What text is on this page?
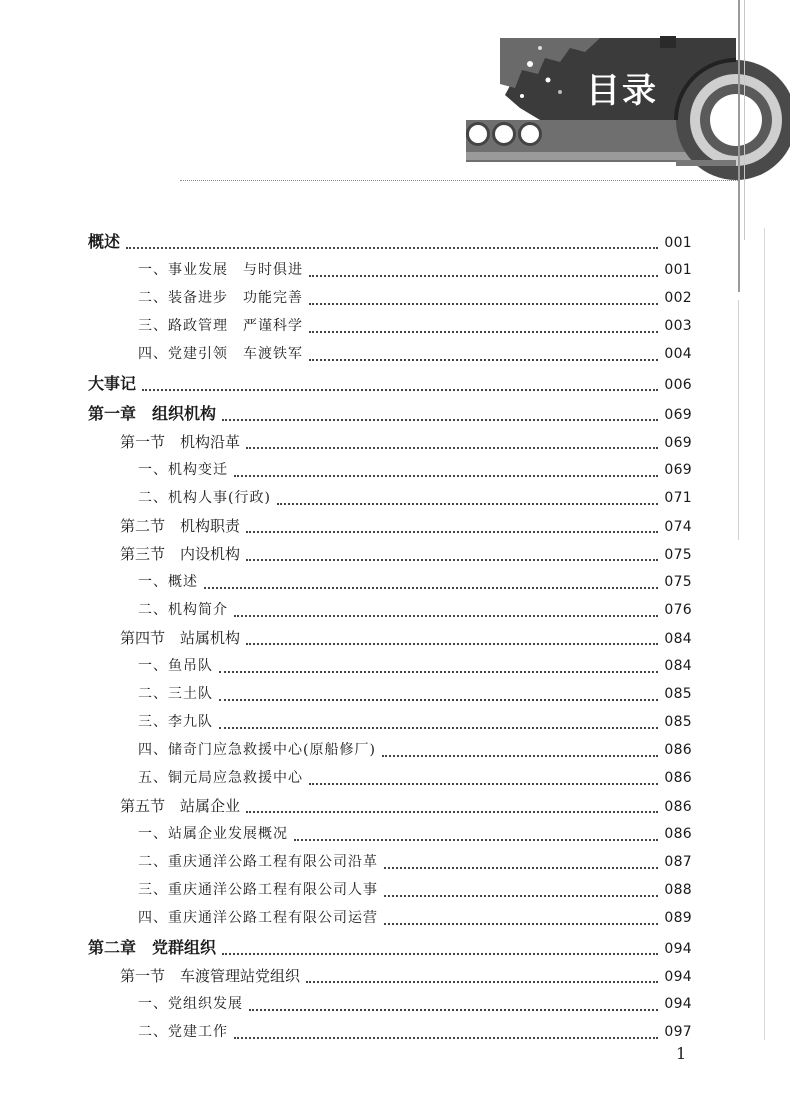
目录
概述	001
一、事业发展　与时俱进	001
二、装备进步　功能完善	002
三、路政管理　严谨科学	003
四、党建引领　车渡铁军	004
大事记	006
第一章　组织机构	069
第一节　机构沿革	069
一、机构变迁	069
二、机构人事(行政)	071
第二节　机构职责	074
第三节　内设机构	075
一、概述	075
二、机构简介	076
第四节　站属机构	084
一、鱼吊队	084
二、三土队	085
三、李九队	085
四、储奇门应急救援中心(原船修厂)	086
五、铜元局应急救援中心	086
第五节　站属企业	086
一、站属企业发展概况	086
二、重庆通洋公路工程有限公司沿革	087
三、重庆通洋公路工程有限公司人事	088
四、重庆通洋公路工程有限公司运营	089
第二章　党群组织	094
第一节　车渡管理站党组织	094
一、党组织发展	094
二、党建工作	097
1
